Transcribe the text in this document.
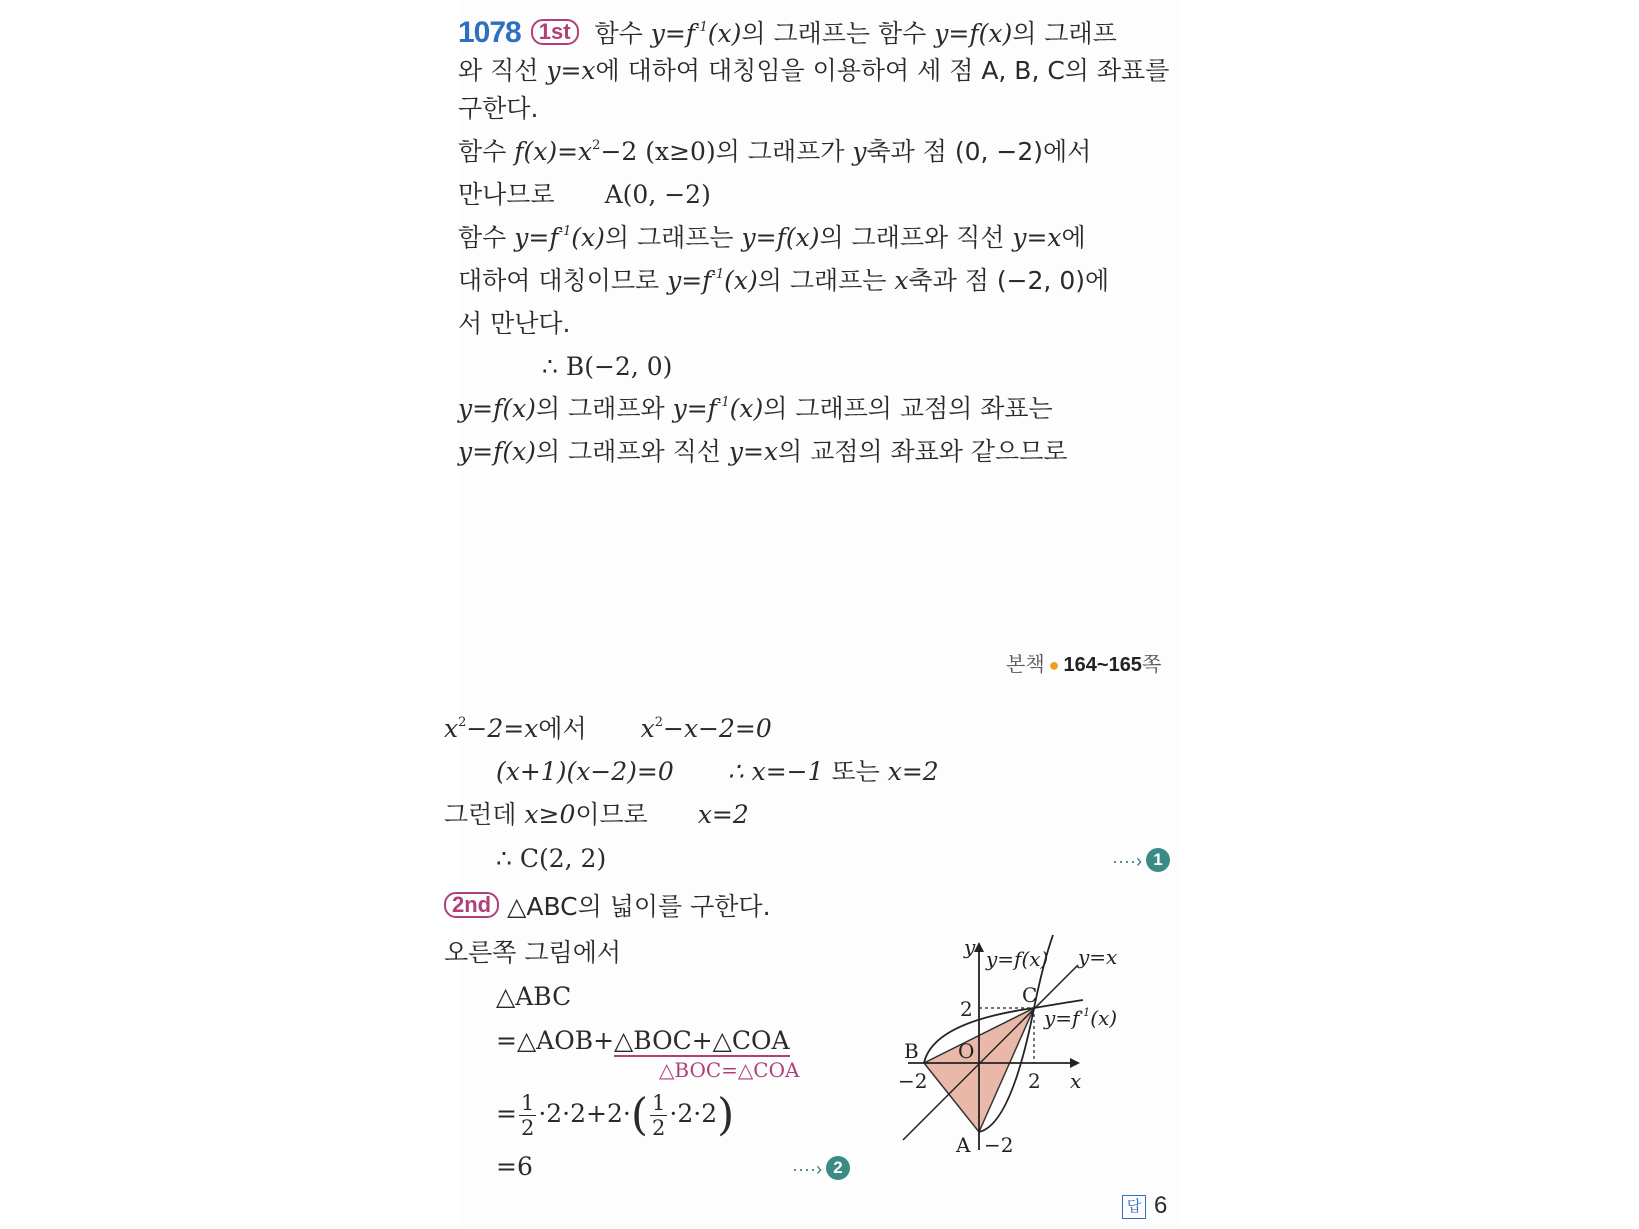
1078 1st 함수 $y=f^{-1}(x)$의 그래프는 함수 y=f(x)의 그래프
와 직선 y=x에 대하여 대칭임을 이용하여 세 점 A, B, C의 좌표를
구한다.
함수 $f(x)=x^2-2$ (x≥0)의 그래프가 y축과 점 (0, −2)에서
만나므로 A(0, −2)
함수 $y=f^{-1}(x)$의 그래프는 y=f(x)의 그래프와 직선 y=x에
대하여 대칭이므로 $y=f^{-1}(x)$의 그래프는 x축과 점 (−2, 0)에
서 만난다.
∴ B(−2, 0)
y=f(x)의 그래프와 $y=f^{-1}(x)$의 그래프의 교점의 좌표는
y=f(x)의 그래프와 직선 y=x의 교점의 좌표와 같으므로
본책 ● 164~165쪽
$x^2-2=x$에서 $x^2-x-2=0$
(x+1)(x−2)=0 ∴ x=−1 또는 x=2
그런데 x≥0이므로 x=2
∴ C(2, 2)	····› 1
2nd △ABC의 넓이를 구한다.
오른쪽 그림에서
△ABC
=△AOB+△BOC+△COA
△BOC=△COA
= $\frac{1}{2} \cdot 2\cdot 2+2\cdot( \frac{1}{2} \cdot 2\cdot 2)$
=6	····› 2
y
x
y=f(x) y=x
$y=f^{-1}(x)$
C
B O
A
2
−2	2
−2
답 6
